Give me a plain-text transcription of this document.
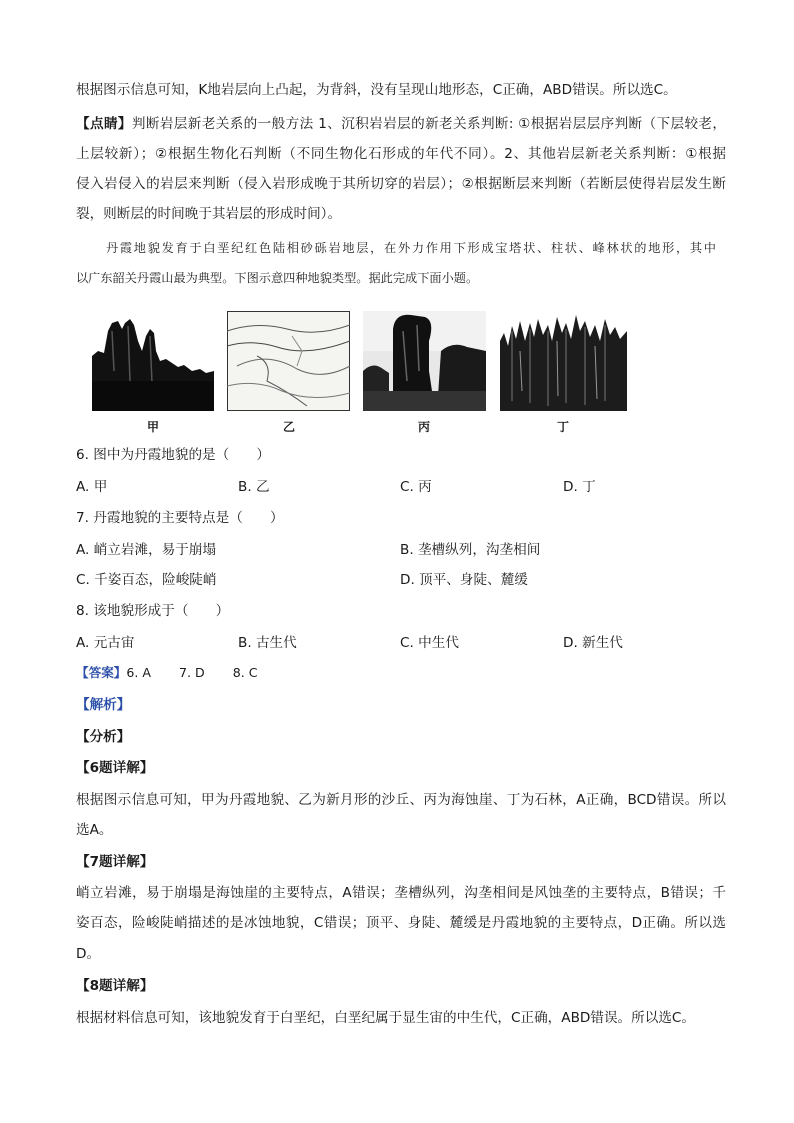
根据图示信息可知，K地岩层向上凸起，为背斜，没有呈现山地形态，C正确，ABD错误。所以选C。
【点睛】判断岩层新老关系的一般方法 1、沉积岩岩层的新老关系判断: ①根据岩层层序判断（下层较老，
上层较新）；②根据生物化石判断（不同生物化石形成的年代不同）。2、其他岩层新老关系判断：①根据
侵入岩侵入的岩层来判断（侵入岩形成晚于其所切穿的岩层）；②根据断层来判断（若断层使得岩层发生断
裂，则断层的时间晚于其岩层的形成时间）。
丹霞地貌发育于白垩纪红色陆相砂砾岩地层，在外力作用下形成宝塔状、柱状、峰林状的地形，其中
以广东韶关丹霞山最为典型。下图示意四种地貌类型。据此完成下面小题。
甲	乙	丙	丁
6. 图中为丹霞地貌的是（　　）
A. 甲	B. 乙	C. 丙	D. 丁
7. 丹霞地貌的主要特点是（　　）
A. 峭立岩滩，易于崩塌	B. 垄槽纵列，沟垄相间
C. 千姿百态，险峻陡峭	D. 顶平、身陡、麓缓
8. 该地貌形成于（　　）
A. 元古宙	B. 古生代	C. 中生代	D. 新生代
【答案】6. A 7. D 8. C
【解析】
【分析】
【6题详解】
根据图示信息可知，甲为丹霞地貌、乙为新月形的沙丘、丙为海蚀崖、丁为石林，A正确，BCD错误。所以
选A。
【7题详解】
峭立岩滩，易于崩塌是海蚀崖的主要特点，A错误；垄槽纵列，沟垄相间是风蚀垄的主要特点，B错误；千
姿百态，险峻陡峭描述的是冰蚀地貌，C错误；顶平、身陡、麓缓是丹霞地貌的主要特点，D正确。所以选
D。
【8题详解】
根据材料信息可知，该地貌发育于白垩纪，白垩纪属于显生宙的中生代，C正确，ABD错误。所以选C。
